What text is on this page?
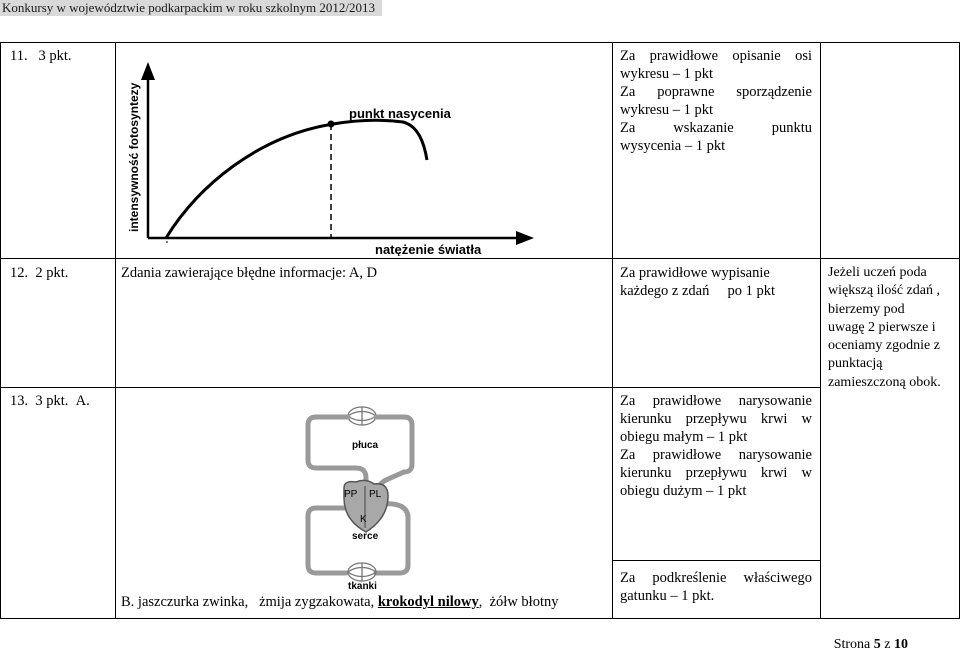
Konkursy w województwie podkarpackim w roku szkolnym 2012/2013
11. 3 pkt.
intensywność fotosyntezy
natężenie światła
punkt nasycenia
Za prawidłowe opisanie osi
wykresu – 1 pkt
Za poprawne sporządzenie
wykresu – 1 pkt
Za wskazanie punktu
wysycenia – 1 pkt
12. 2 pkt.	Zdania zawierające błędne informacje: A, D	Za prawidłowe wypisanie
każdego z zdań     po 1 pkt
Jeżeli uczeń poda
większą ilość zdań ,
bierzemy pod
uwagę 2 pierwsze i
oceniamy zgodnie z
punktacją
zamieszczoną obok.
13. 3 pkt. A.
płuca
PP PL
K
serce
tkanki
Za prawidłowe narysowanie
kierunku przepływu krwi w
obiegu małym – 1 pkt
Za prawidłowe narysowanie
kierunku przepływu krwi w
obiegu dużym – 1 pkt
B. jaszczurka zwinka,   żmija zygzakowata, krokodyl nilowy,  żółw błotny
Za podkreślenie właściwego
gatunku – 1 pkt.
Strona 5 z 10
